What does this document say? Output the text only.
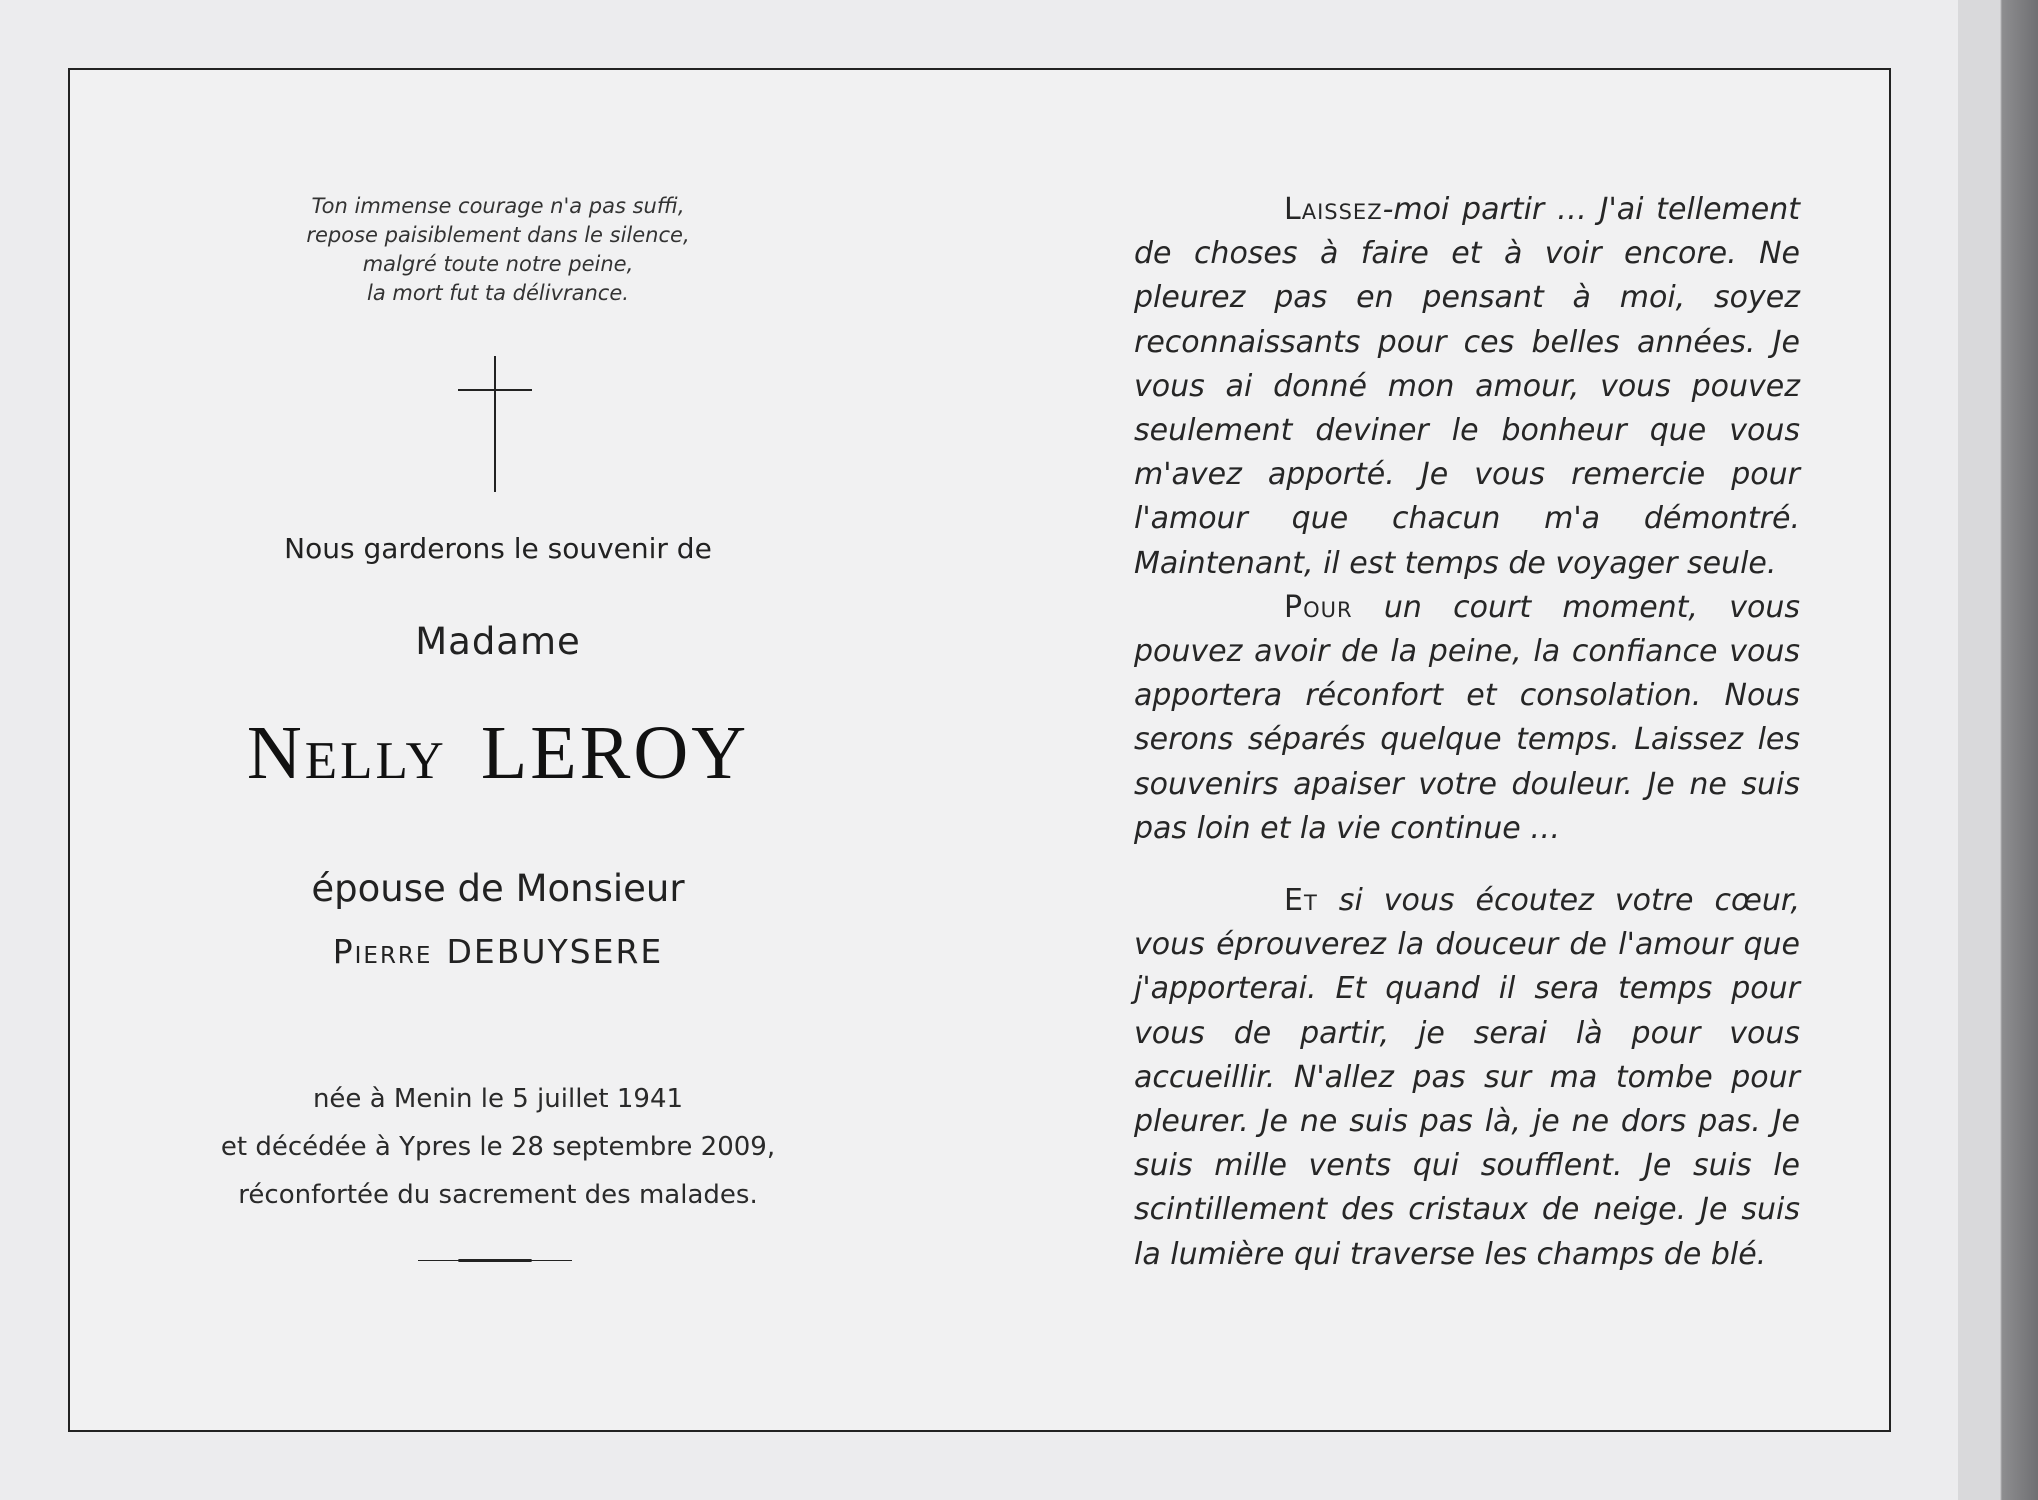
Ton immense courage n'a pas suffi,
repose paisiblement dans le silence,
malgré toute notre peine,
la mort fut ta délivrance.
Nous garderons le souvenir de
Madame
Nelly LEROY
épouse de Monsieur
Pierre DEBUYSERE
née à Menin le 5 juillet 1941
et décédée à Ypres le 28 septembre 2009,
réconfortée du sacrement des malades.

Laissez-moi partir … J'ai tellement de choses à faire et à voir encore. Ne pleurez pas en pensant à moi, soyez reconnaissants pour ces belles années. Je vous ai donné mon amour, vous pouvez seulement deviner le bonheur que vous m'avez apporté. Je vous remercie pour l'amour que chacun m'a démontré. Maintenant, il est temps de voyager seule.

Pour un court moment, vous pouvez avoir de la peine, la confiance vous apportera réconfort et consolation. Nous serons séparés quelque temps. Laissez les souvenirs apaiser votre douleur. Je ne suis pas loin et la vie continue …

Et si vous écoutez votre cœur, vous éprouverez la douceur de l'amour que j'apporterai. Et quand il sera temps pour vous de partir, je serai là pour vous accueillir. N'allez pas sur ma tombe pour pleurer. Je ne suis pas là, je ne dors pas. Je suis mille vents qui soufflent. Je suis le scintillement des cristaux de neige. Je suis la lumière qui traverse les champs de blé.
